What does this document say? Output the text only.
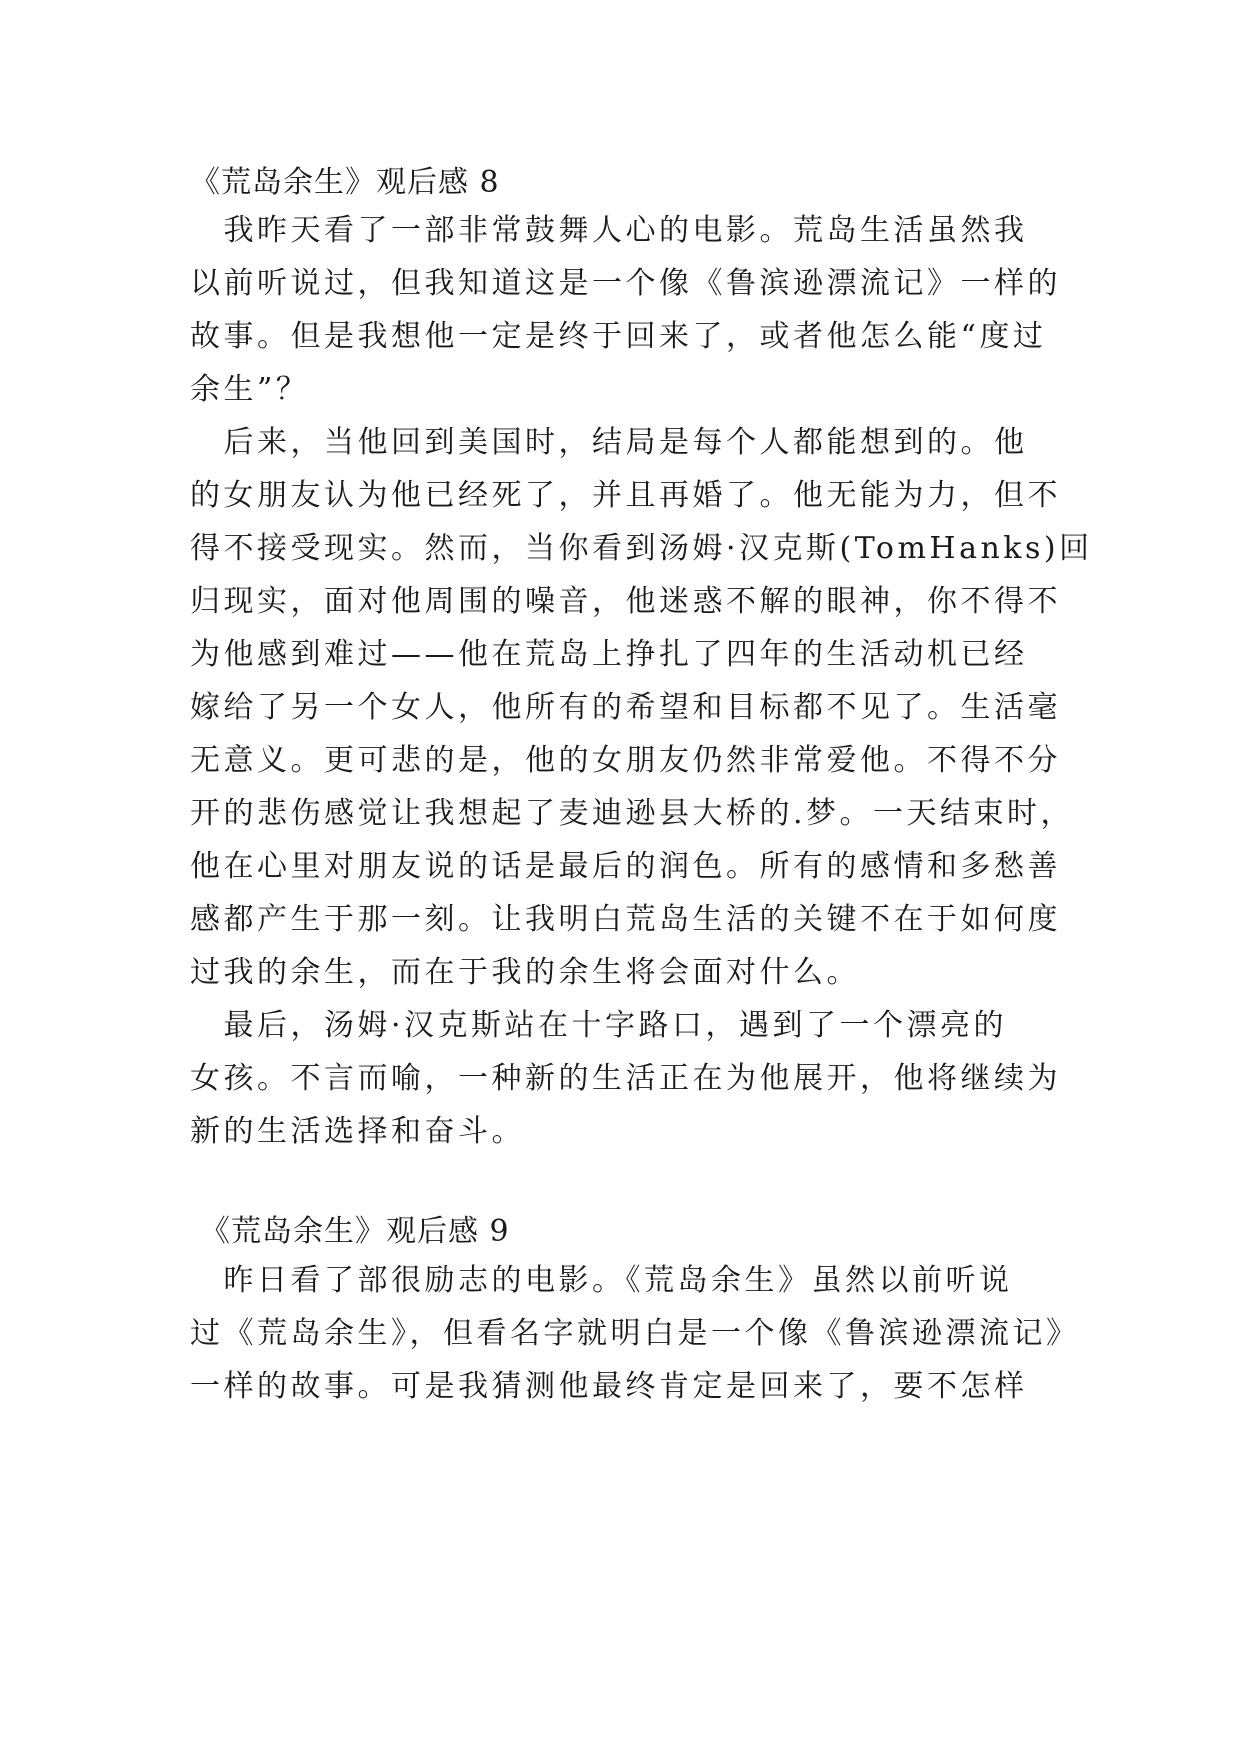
《荒岛余生》观后感 8
　我昨天看了一部非常鼓舞人心的电影。荒岛生活虽然我
以前听说过，但我知道这是一个像《鲁滨逊漂流记》一样的
故事。但是我想他一定是终于回来了，或者他怎么能“度过
余生”？
　后来，当他回到美国时，结局是每个人都能想到的。他
的女朋友认为他已经死了，并且再婚了。他无能为力，但不
得不接受现实。然而，当你看到汤姆·汉克斯(TomHanks)回
归现实，面对他周围的噪音，他迷惑不解的眼神，你不得不
为他感到难过——他在荒岛上挣扎了四年的生活动机已经
嫁给了另一个女人，他所有的希望和目标都不见了。生活毫
无意义。更可悲的是，他的女朋友仍然非常爱他。不得不分
开的悲伤感觉让我想起了麦迪逊县大桥的.梦。一天结束时，
他在心里对朋友说的话是最后的润色。所有的感情和多愁善
感都产生于那一刻。让我明白荒岛生活的关键不在于如何度
过我的余生，而在于我的余生将会面对什么。
　最后，汤姆·汉克斯站在十字路口，遇到了一个漂亮的
女孩。不言而喻，一种新的生活正在为他展开，他将继续为
新的生活选择和奋斗。
《荒岛余生》观后感 9
　昨日看了部很励志的电影。《荒岛余生》虽然以前听说
过《荒岛余生》，但看名字就明白是一个像《鲁滨逊漂流记》
一样的故事。可是我猜测他最终肯定是回来了，要不怎样
